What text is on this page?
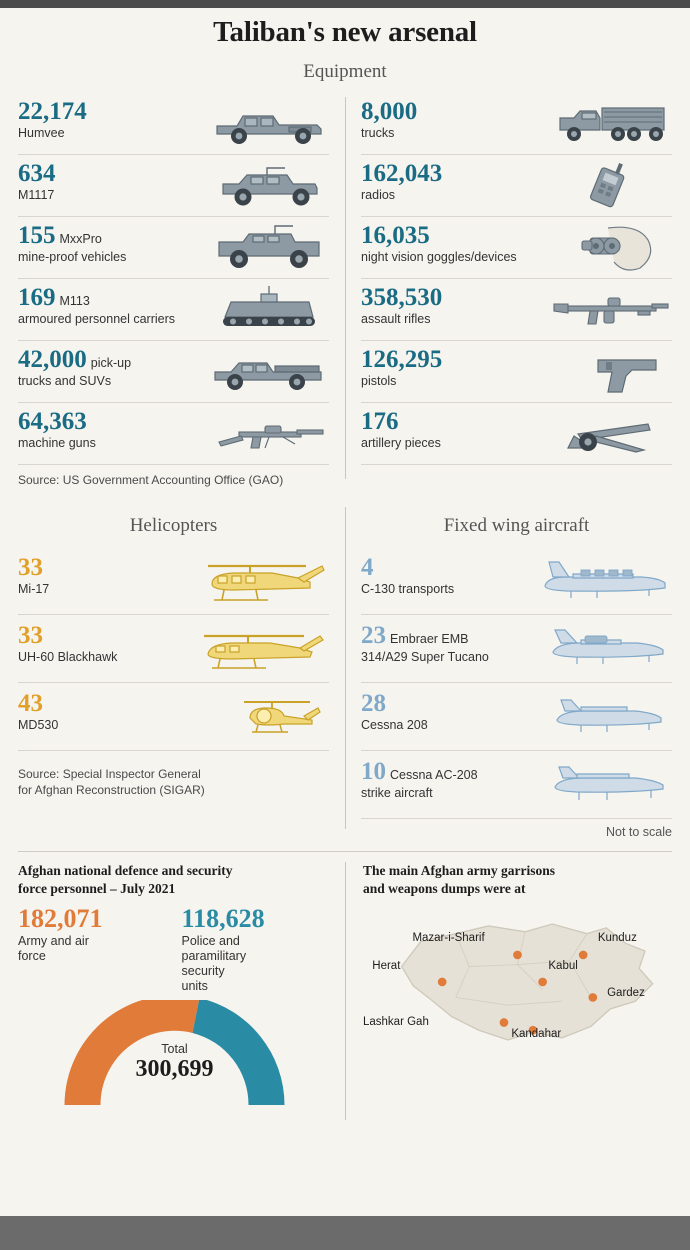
Taliban's new arsenal
Equipment
22,174
Humvee
634
M1117
155 MxxPro
mine-proof vehicles
169 M113
armoured personnel carriers
42,000 pick-up
trucks and SUVs
64,363
machine guns
Source: US Government Accounting Office (GAO)
8,000
trucks
162,043
radios
16,035
night vision goggles/devices
358,530
assault rifles
126,295
pistols
176
artillery pieces
Helicopters
33
Mi-17
33
UH-60 Blackhawk
43
MD530
Source: Special Inspector General
for Afghan Reconstruction (SIGAR)
Fixed wing aircraft
4
C-130 transports
23 Embraer EMB
314/A29 Super Tucano
28
Cessna 208
10 Cessna AC-208
strike aircraft
Not to scale
Afghan national defence and security
force personnel – July 2021
182,071
Army and air
force
118,628
Police and
paramilitary
security
units
Total
300,699
The main Afghan army garrisons
and weapons dumps were at
Mazar-i-Sharif	Kunduz
Herat	Kabul
Gardez
Lashkar Gah
Kandahar
